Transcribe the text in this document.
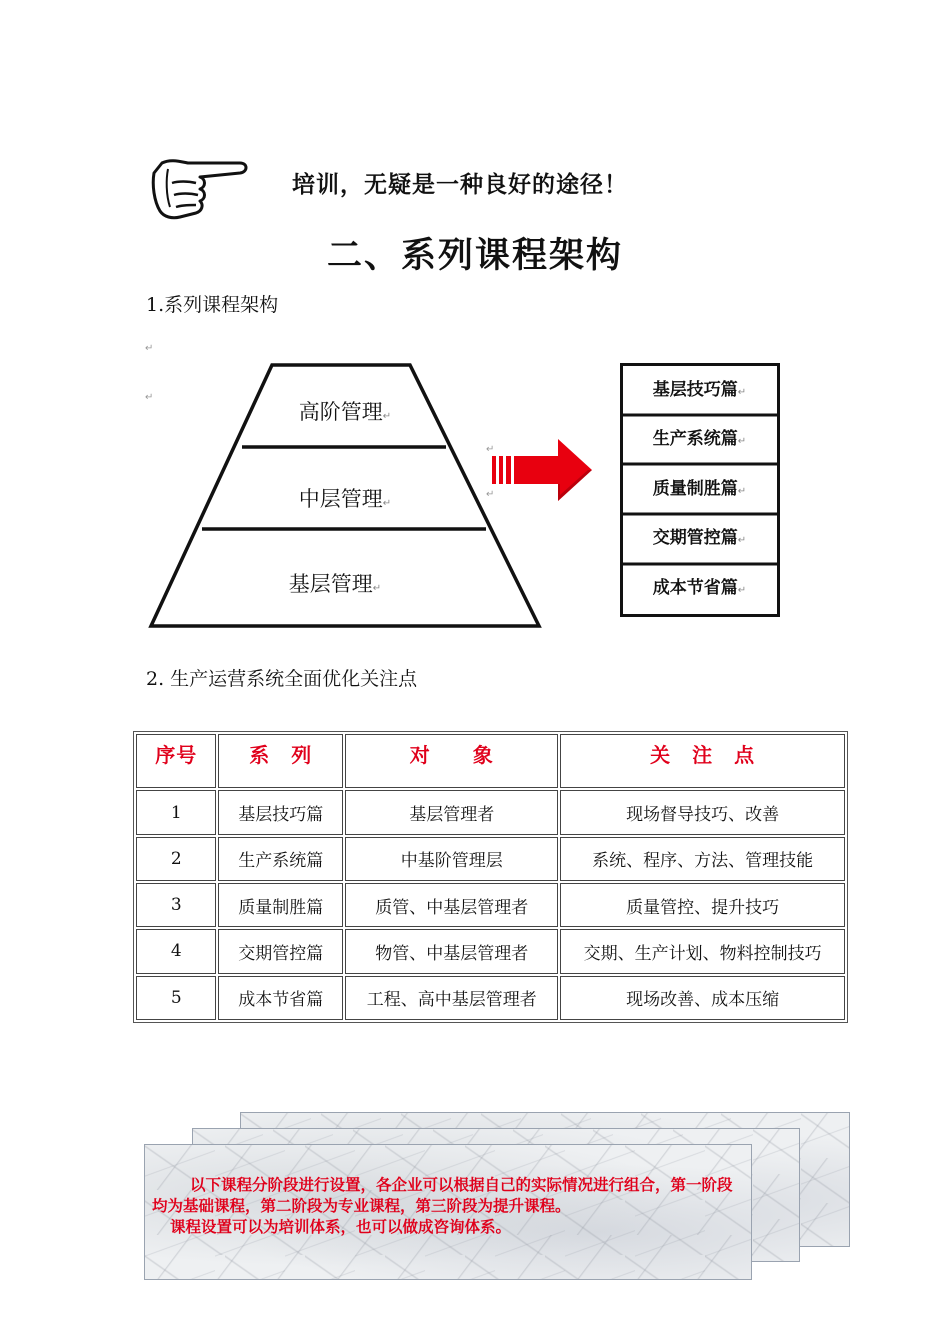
培训，无疑是一种良好的途径！
二、系列课程架构
1.系列课程架构
↵
↵
高阶管理↵
中层管理↵
基层管理↵
↵
↵
基层技巧篇↵
生产系统篇↵
质量制胜篇↵
交期管控篇↵
成本节省篇↵
2. 生产运营系统全面优化关注点
序号	系　列	对　　象	关　注　点
1	基层技巧篇	基层管理者	现场督导技巧、改善
2	生产系统篇	中基阶管理层	系统、程序、方法、管理技能
3	质量制胜篇	质管、中基层管理者	质量管控、提升技巧
4	交期管控篇	物管、中基层管理者	交期、生产计划、物料控制技巧
5	成本节省篇	工程、高中基层管理者	现场改善、成本压缩

以下课程分阶段进行设置，各企业可以根据自己的实际情况进行组合，第一阶段均为基础课程，第二阶段为专业课程，第三阶段为提升课程。

课程设置可以为培训体系，也可以做成咨询体系。
